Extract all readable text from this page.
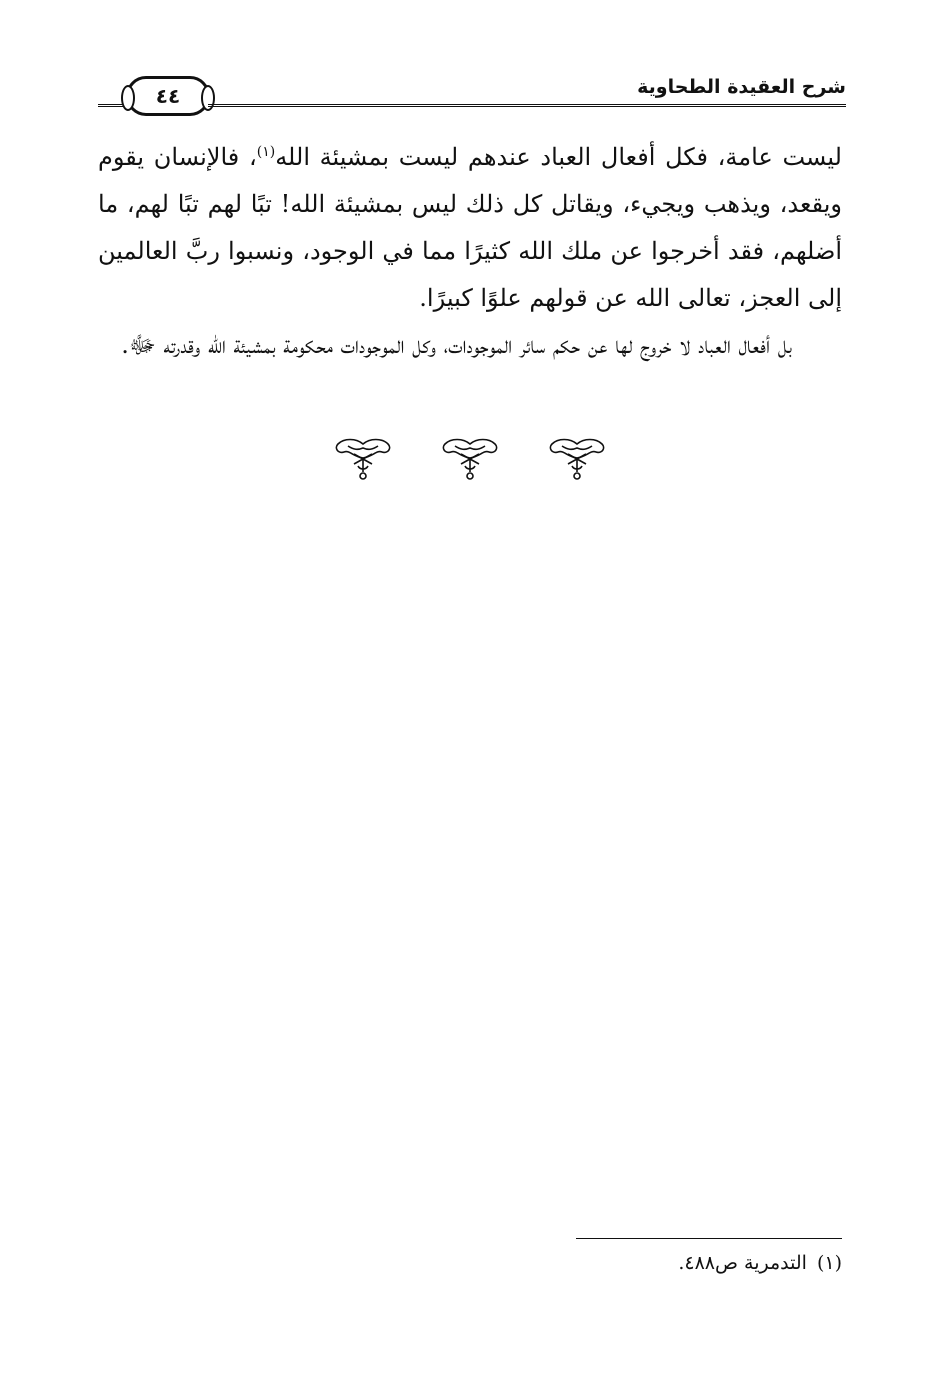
٤٤	شرح العقيدة الطحاوية

ليست عامة، فكل أفعال العباد عندهم ليست بمشيئة الله$^{(١)}$، فالإنسان يقوم ويقعد، ويذهب ويجيء، ويقاتل كل ذلك ليس بمشيئة الله! تبًا لهم تبًا لهم، ما أضلهم، فقد أخرجوا عن ملك الله كثيرًا مما في الوجود، ونسبوا ربَّ العالمين إلى العجز، تعالى الله عن قولهم علوًا كبيرًا.

بل أفعال العباد لا خروج لها عن حكم سائر الموجودات، وكل الموجودات محكومة بمشيئة الله وقدرته ﷻ.

(١)التدمرية ص٤٨٨.
